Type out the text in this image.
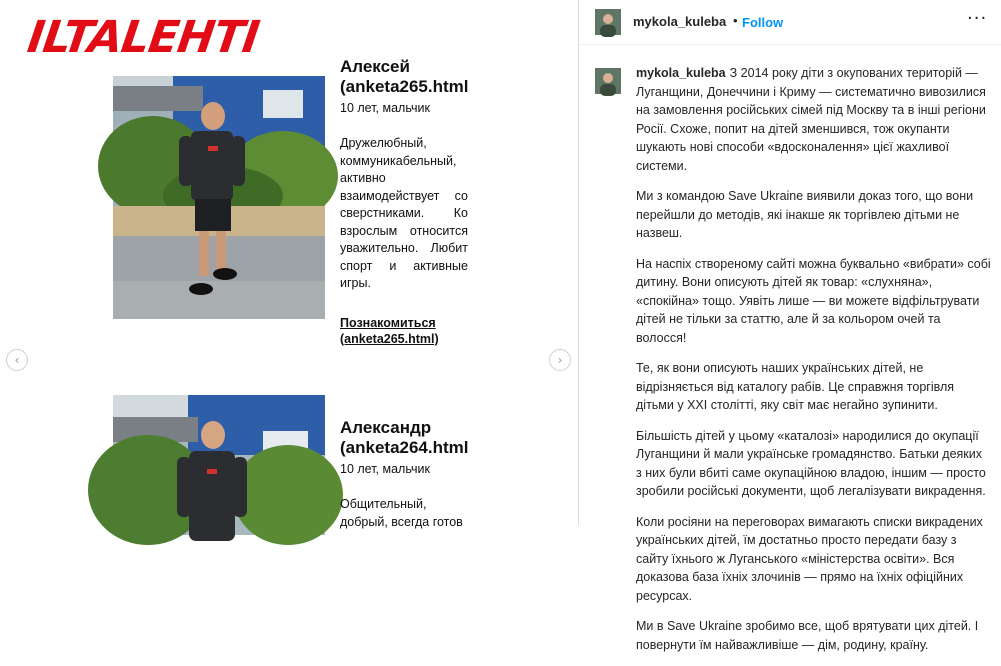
ILTALEHTI
Алексей
(anketa265.html
10 лет, мальчик
Дружелюбный, коммуникабельный, активно взаимодействует со сверстниками. Ко взрослым относится уважительно. Любит спорт и активные игры.
Познакомиться
(anketa265.html)
Александр
(anketa264.html
10 лет, мальчик
Общительный, добрый, всегда готов
‹	›
mykola_kuleba • Follow	···

mykola_kuleba З 2014 року діти з окупованих територій — Луганщини, Донеччини і Криму — систематично вивозилися на замовлення російських сімей під Москву та в інші регіони Росії. Схоже, попит на дітей зменшився, тож окупанти шукають нові способи «вдосконалення» цієї жахливої системи.

Ми з командою Save Ukraine виявили доказ того, що вони перейшли до методів, які інакше як торгівлею дітьми не назвеш.

На наспіх створеному сайті можна буквально «вибрати» собі дитину. Вони описують дітей як товар: «слухняна», «спокійна» тощо. Уявіть лише — ви можете відфільтрувати дітей не тільки за статтю, але й за кольором очей та волосся!

Те, як вони описують наших українських дітей, не відрізняється від каталогу рабів. Це справжня торгівля дітьми у XXI столітті, яку світ має негайно зупинити.

Більшість дітей у цьому «каталозі» народилися до окупації Луганщини й мали українське громадянство. Батьки деяких з них були вбиті саме окупаційною владою, іншим — просто зробили російські документи, щоб легалізувати викрадення.

Коли росіяни на переговорах вимагають списки викрадених українських дітей, їм достатньо просто передати базу з сайту їхнього ж Луганського «міністерства освіти». Вся доказова база їхніх злочинів — прямо на їхніх офіційних ресурсах.

Ми в Save Ukraine зробимо все, щоб врятувати цих дітей. І повернути їм найважливіше — дім, родину, країну.
